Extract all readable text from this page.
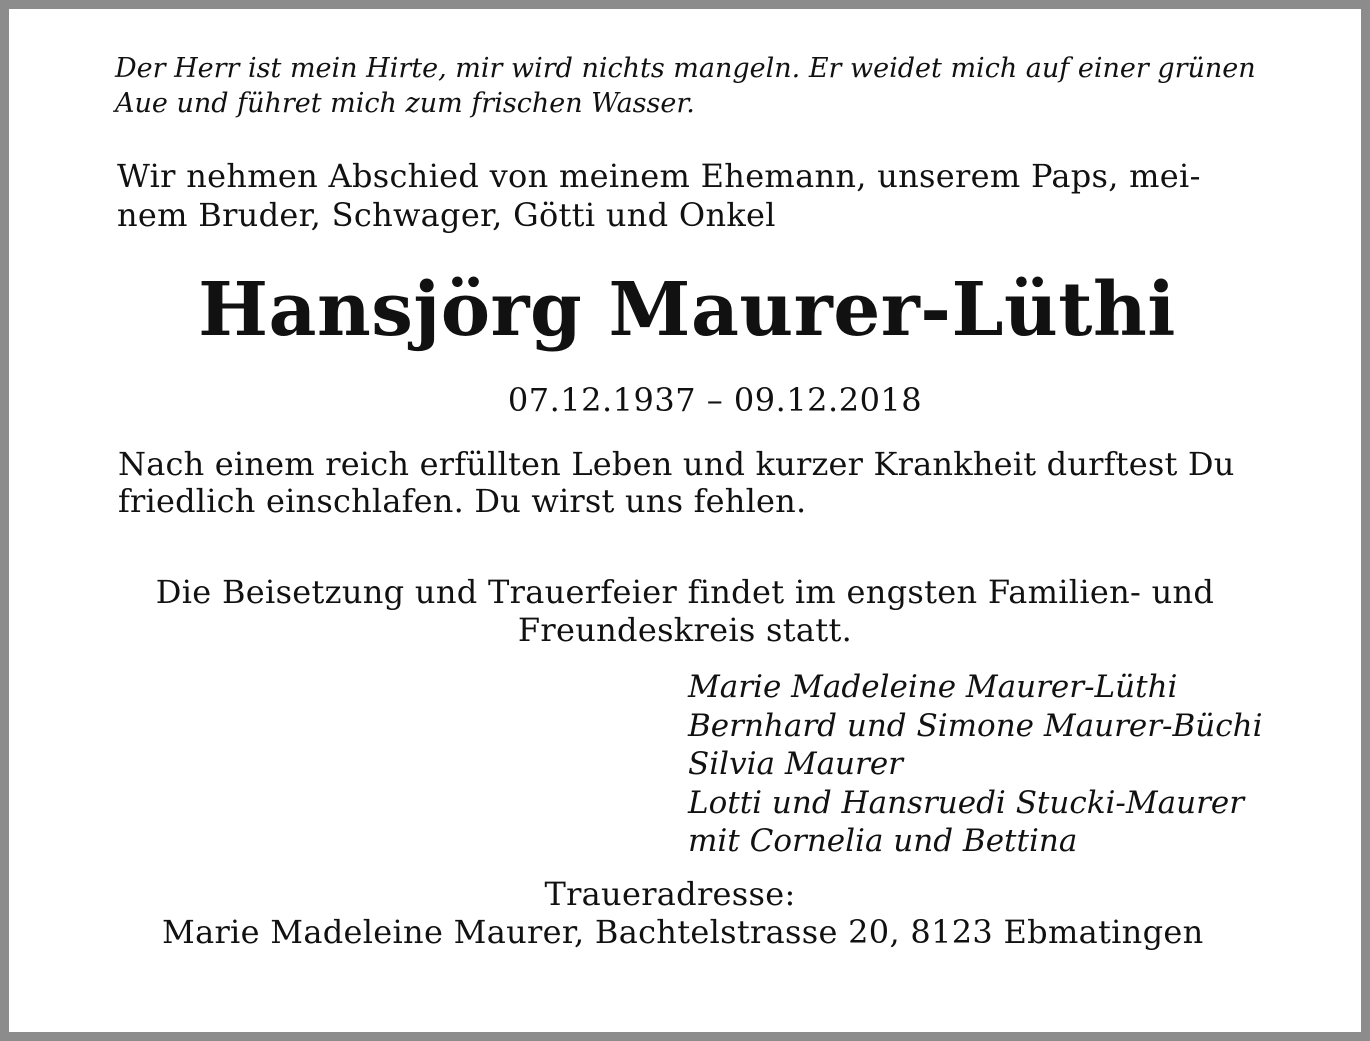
Der Herr ist mein Hirte, mir wird nichts mangeln. Er weidet mich auf einer grünen
Aue und führet mich zum frischen Wasser.
Wir nehmen Abschied von meinem Ehemann, unserem Paps, mei-
nem Bruder, Schwager, Götti und Onkel
Hansjörg Maurer-Lüthi
07.12.1937 – 09.12.2018
Nach einem reich erfüllten Leben und kurzer Krankheit durftest Du
friedlich einschlafen. Du wirst uns fehlen.
Die Beisetzung und Trauerfeier findet im engsten Familien- und
Freundeskreis statt.
Marie Madeleine Maurer-Lüthi
Bernhard und Simone Maurer-Büchi
Silvia Maurer
Lotti und Hansruedi Stucki-Maurer
mit Cornelia und Bettina
Traueradresse:
Marie Madeleine Maurer, Bachtelstrasse 20, 8123 Ebmatingen
